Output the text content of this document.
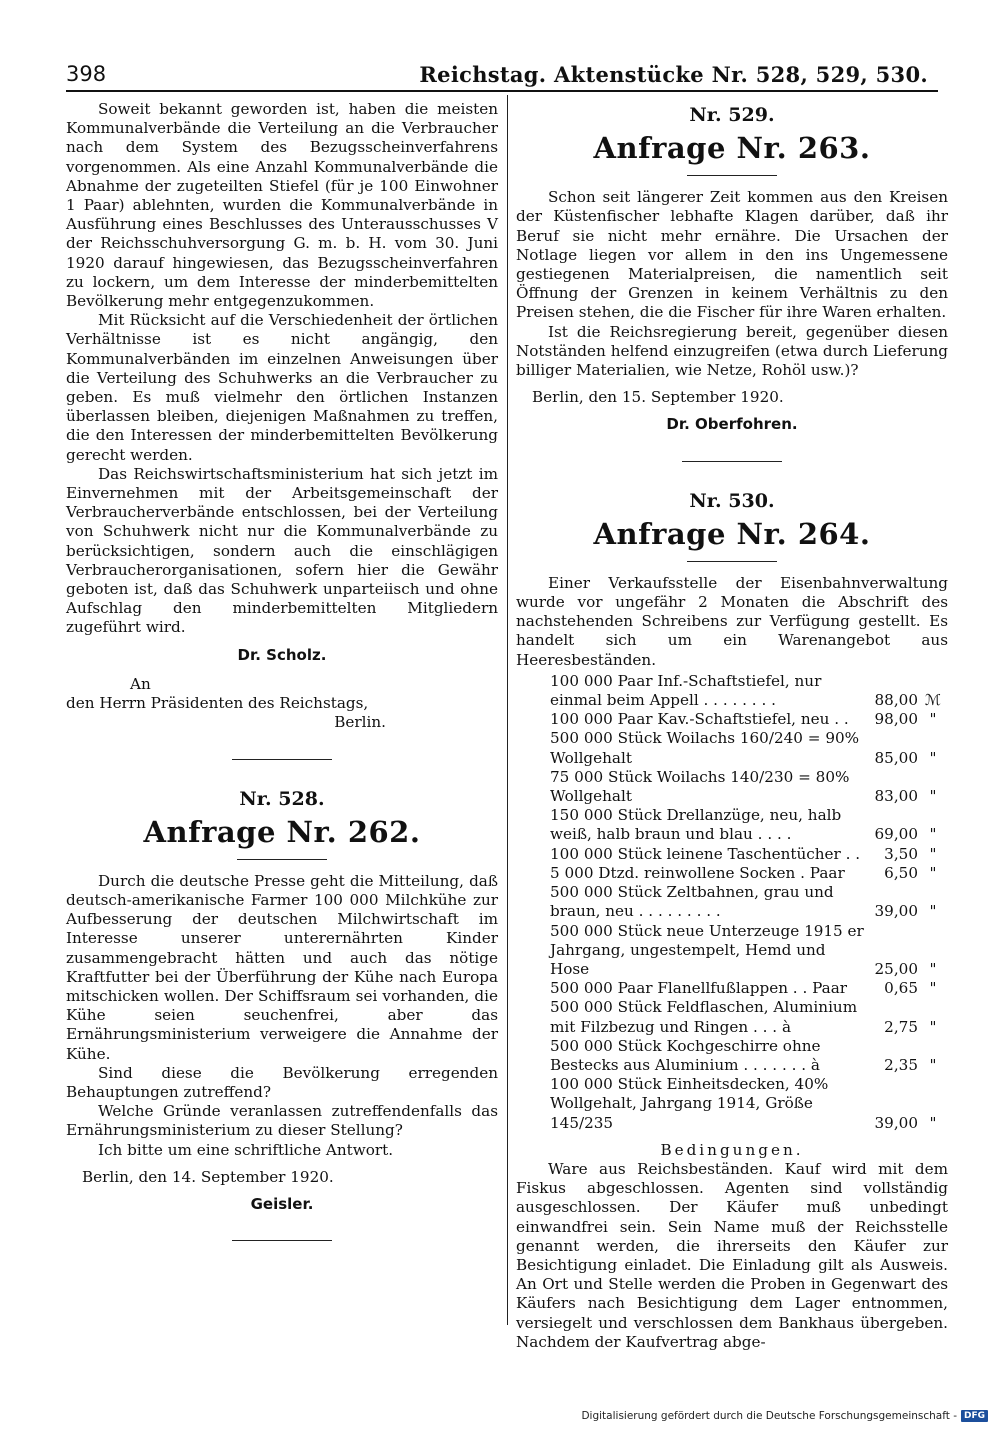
398	Reichstag. Aktenstücke Nr. 528, 529, 530.

Soweit bekannt geworden ist, haben die meisten Kommunalverbände die Verteilung an die Verbraucher nach dem System des Bezugsscheinverfahrens vorgenommen. Als eine Anzahl Kommunalverbände die Abnahme der zugeteilten Stiefel (für je 100 Einwohner 1 Paar) ablehnten, wurden die Kommunalverbände in Ausführung eines Beschlusses des Unterausschusses V der Reichsschuhversorgung G. m. b. H. vom 30. Juni 1920 darauf hingewiesen, das Bezugsscheinverfahren zu lockern, um dem Interesse der minderbemittelten Bevölkerung mehr entgegenzukommen.

Mit Rücksicht auf die Verschiedenheit der örtlichen Verhältnisse ist es nicht angängig, den Kommunalverbänden im einzelnen Anweisungen über die Verteilung des Schuhwerks an die Verbraucher zu geben. Es muß vielmehr den örtlichen Instanzen überlassen bleiben, diejenigen Maßnahmen zu treffen, die den Interessen der minderbemittelten Bevölkerung gerecht werden.

Das Reichswirtschaftsministerium hat sich jetzt im Einvernehmen mit der Arbeitsgemeinschaft der Verbraucherverbände entschlossen, bei der Verteilung von Schuhwerk nicht nur die Kommunalverbände zu berücksichtigen, sondern auch die einschlägigen Verbraucherorganisationen, sofern hier die Gewähr geboten ist, daß das Schuhwerk unparteiisch und ohne Aufschlag den minderbemittelten Mitgliedern zugeführt wird.

Dr. Scholz.

An

den Herrn Präsidenten des Reichstags,

Berlin.

Nr. 528.

Anfrage Nr. 262.

Durch die deutsche Presse geht die Mitteilung, daß deutsch-amerikanische Farmer 100 000 Milchkühe zur Aufbesserung der deutschen Milchwirtschaft im Interesse unserer unterernährten Kinder zusammengebracht hätten und auch das nötige Kraftfutter bei der Überführung der Kühe nach Europa mitschicken wollen. Der Schiffsraum sei vorhanden, die Kühe seien seuchenfrei, aber das Ernährungsministerium verweigere die Annahme der Kühe.

Sind diese die Bevölkerung erregenden Behauptungen zutreffend?

Welche Gründe veranlassen zutreffendenfalls das Ernährungsministerium zu dieser Stellung?

Ich bitte um eine schriftliche Antwort.

Berlin, den 14. September 1920.

Geisler.

Nr. 529.

Anfrage Nr. 263.

Schon seit längerer Zeit kommen aus den Kreisen der Küstenfischer lebhafte Klagen darüber, daß ihr Beruf sie nicht mehr ernähre. Die Ursachen der Notlage liegen vor allem in den ins Ungemessene gestiegenen Materialpreisen, die namentlich seit Öffnung der Grenzen in keinem Verhältnis zu den Preisen stehen, die die Fischer für ihre Waren erhalten.

Ist die Reichsregierung bereit, gegenüber diesen Notständen helfend einzugreifen (etwa durch Lieferung billiger Materialien, wie Netze, Rohöl usw.)?

Berlin, den 15. September 1920.

Dr. Oberfohren.

Nr. 530.

Anfrage Nr. 264.

Einer Verkaufsstelle der Eisenbahnverwaltung wurde vor ungefähr 2 Monaten die Abschrift des nachstehenden Schreibens zur Verfügung gestellt. Es handelt sich um ein Warenangebot aus Heeresbeständen.

100 000 Paar Inf.-Schaftstiefel, nur einmal beim Appell . . . . . . . .	88,00 ℳ
100 000 Paar Kav.-Schaftstiefel, neu . .	98,00 "
500 000 Stück Woilachs 160/240 = 90% Wollgehalt	85,00 "
75 000 Stück Woilachs 140/230 = 80% Wollgehalt	83,00 "
150 000 Stück Drellanzüge, neu, halb weiß, halb braun und blau . . . .	69,00 "
100 000 Stück leinene Taschentücher . .	3,50 "
5 000 Dtzd. reinwollene Socken . Paar	6,50 "
500 000 Stück Zeltbahnen, grau und braun, neu . . . . . . . . .	39,00 "
500 000 Stück neue Unterzeuge 1915 er Jahrgang, ungestempelt, Hemd und Hose	25,00 "
500 000 Paar Flanellfußlappen . . Paar	0,65 "
500 000 Stück Feldflaschen, Aluminium mit Filzbezug und Ringen . . . à	2,75 "
500 000 Stück Kochgeschirre ohne Bestecks aus Aluminium . . . . . . . à	2,35 "
100 000 Stück Einheitsdecken, 40% Wollgehalt, Jahrgang 1914, Größe 145/235	39,00 "

Bedingungen.

Ware aus Reichsbeständen. Kauf wird mit dem Fiskus abgeschlossen. Agenten sind vollständig ausgeschlossen. Der Käufer muß unbedingt einwandfrei sein. Sein Name muß der Reichsstelle genannt werden, die ihrerseits den Käufer zur Besichtigung einladet. Die Einladung gilt als Ausweis. An Ort und Stelle werden die Proben in Gegenwart des Käufers nach Besichtigung dem Lager entnommen, versiegelt und verschlossen dem Bankhaus übergeben. Nachdem der Kaufvertrag abge-

Digitalisierung gefördert durch die Deutsche Forschungsgemeinschaft - DFG
